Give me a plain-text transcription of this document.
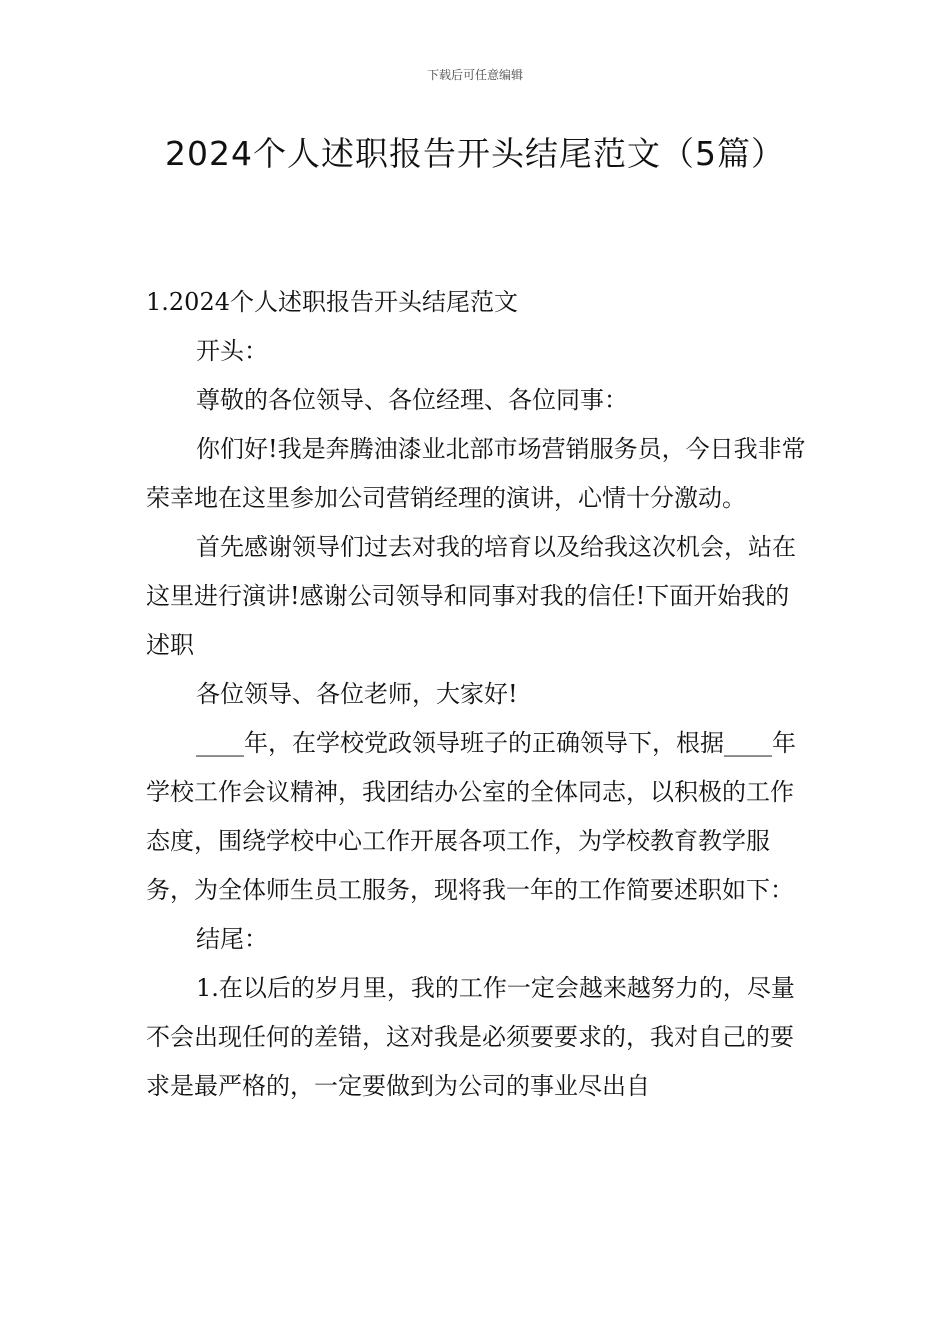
下载后可任意编辑
2024个人述职报告开头结尾范文（5篇）

1.2024个人述职报告开头结尾范文

开头：

尊敬的各位领导、各位经理、各位同事：

你们好!我是奔腾油漆业北部市场营销服务员，今日我非常荣幸地在这里参加公司营销经理的演讲，心情十分激动。

首先感谢领导们过去对我的培育以及给我这次机会，站在这里进行演讲!感谢公司领导和同事对我的信任!下面开始我的述职

各位领导、各位老师，大家好!

____年，在学校党政领导班子的正确领导下，根据____年学校工作会议精神，我团结办公室的全体同志，以积极的工作态度，围绕学校中心工作开展各项工作，为学校教育教学服务，为全体师生员工服务，现将我一年的工作简要述职如下：

结尾：

1.在以后的岁月里，我的工作一定会越来越努力的，尽量不会出现任何的差错，这对我是必须要要求的，我对自己的要求是最严格的，一定要做到为公司的事业尽出自
